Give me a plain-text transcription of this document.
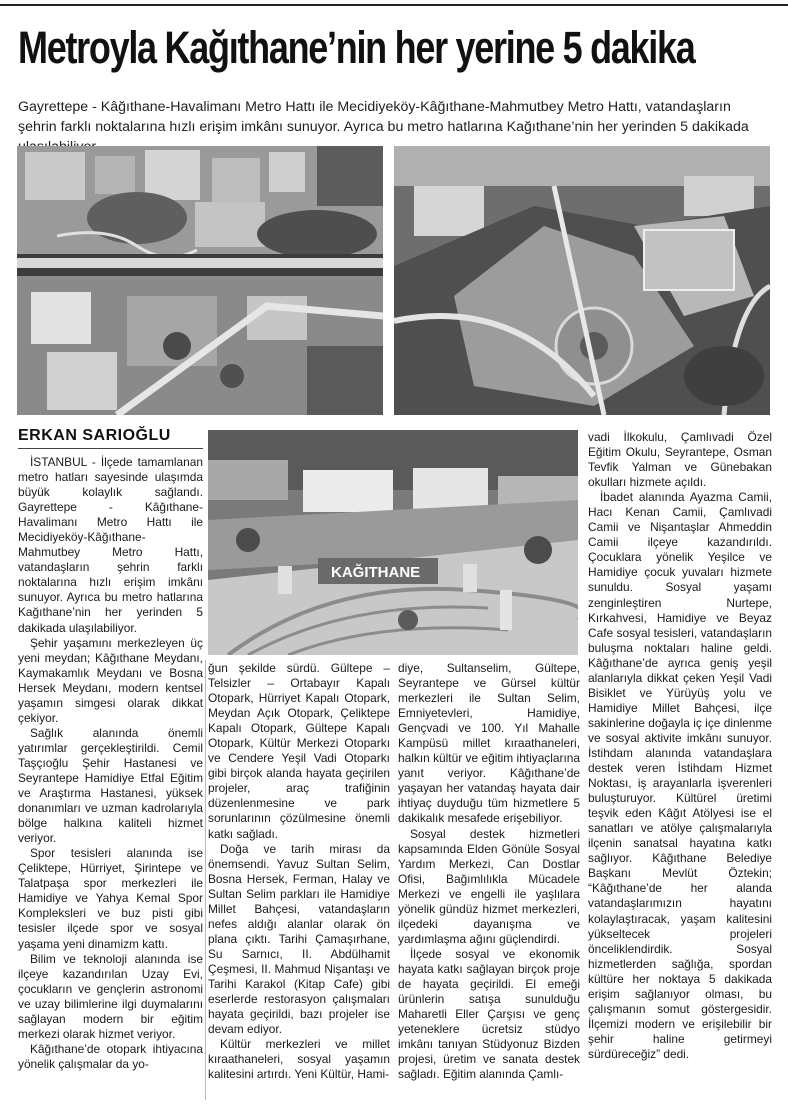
Metroyla Kağıthane’nin her yerine 5 dakika
Gayrettepe - Kâğıthane-Havalimanı Metro Hattı ile Mecidiyeköy-Kâğıthane-Mahmutbey Metro Hattı, vatandaşların şehrin farklı noktalarına hızlı erişim imkânı sunuyor. Ayrıca bu metro hatlarına Kağıthane’nin her yerinden 5 dakikada
ERKAN SARIOĞLU
KAĞITHANE

İSTANBUL - İlçede tamamlanan metro hatları sayesinde ulaşımda büyük kolaylık sağlandı. Gayrettepe - Kâğıthane-Havalimanı Metro Hattı ile Mecidiyeköy-Kâğıthane-Mahmutbey Metro Hattı, vatandaşların şehrin farklı noktalarına hızlı erişim imkânı sunuyor. Ayrıca bu metro hatlarına Kağıthane’nin her yerinden 5 dakikada ulaşılabiliyor.

Şehir yaşamını merkezleyen üç yeni meydan; Kâğıthane Meydanı, Kaymakamlık Meydanı ve Bosna Hersek Meydanı, modern kentsel yaşamın simgesi olarak dikkat çekiyor.

Sağlık alanında önemli yatırımlar gerçekleştirildi. Cemil Taşçıoğlu Şehir Hastanesi ve Seyrantepe Hamidiye Etfal Eğitim ve Araştırma Hastanesi, yüksek donanımları ve uzman kadrolarıyla bölge halkına kaliteli hizmet veriyor.

Spor tesisleri alanında ise Çeliktepe, Hürriyet, Şirintepe ve Talatpaşa spor merkezleri ile Hamidiye ve Yahya Kemal Spor Kompleksleri ve buz pisti gibi tesisler ilçede spor ve sosyal yaşama yeni dinamizm kattı.

Bilim ve teknoloji alanında ise ilçeye kazandırılan Uzay Evi, çocukların ve gençlerin astronomi ve uzay bilimlerine ilgi duymalarını sağlayan modern bir eğitim merkezi olarak hizmet veriyor.

Kâğıthane’de otopark ihtiyacına yönelik çalışmalar da yo-

ğun şekilde sürdü. Gültepe – Telsizler – Ortabayır Kapalı Otopark, Hürriyet Kapalı Otopark, Meydan Açık Otopark, Çeliktepe Kapalı Otopark, Gültepe Kapalı Otopark, Kültür Merkezi Otoparkı ve Cendere Yeşil Vadi Otoparkı gibi birçok alanda hayata geçirilen projeler, araç trafiğinin düzenlenmesine ve park sorunlarının çözülmesine önemli katkı sağladı.

Doğa ve tarih mirası da önemsendi. Yavuz Sultan Selim, Bosna Hersek, Ferman, Halay ve Sultan Selim parkları ile Hamidiye Millet Bahçesi, vatandaşların nefes aldığı alanlar olarak ön plana çıktı. Tarihi Çamaşırhane, Su Sarnıcı, II. Abdülhamit Çeşmesi, II. Mahmud Nişantaşı ve Tarihi Karakol (Kitap Cafe) gibi eserlerde restorasyon çalışmaları hayata geçirildi, bazı projeler ise devam ediyor.

Kültür merkezleri ve millet kıraathaneleri, sosyal yaşamın kalitesini artırdı. Yeni Kültür, Hami-

diye, Sultanselim, Gültepe, Seyrantepe ve Gürsel kültür merkezleri ile Sultan Selim, Emniyetevleri, Hamidiye, Gençvadi ve 100. Yıl Mahalle Kampüsü millet kıraathaneleri, halkın kültür ve eğitim ihtiyaçlarına yanıt veriyor. Kâğıthane’de yaşayan her vatandaş hayata dair ihtiyaç duyduğu tüm hizmetlere 5 dakikalık mesafede erişebiliyor.

Sosyal destek hizmetleri kapsamında Elden Gönüle Sosyal Yardım Merkezi, Can Dostlar Ofisi, Bağımlılıkla Mücadele Merkezi ve engelli ile yaşlılara yönelik gündüz hizmet merkezleri, ilçedeki dayanışma ve yardımlaşma ağını güçlendirdi.

İlçede sosyal ve ekonomik hayata katkı sağlayan birçok proje de hayata geçirildi. El emeği ürünlerin satışa sunulduğu Maharetli Eller Çarşısı ve genç yeteneklere ücretsiz stüdyo imkânı tanıyan Stüdyonuz Bizden projesi, üretim ve sanata destek sağladı. Eğitim alanında Çamlı-

vadi İlkokulu, Çamlıvadi Özel Eğitim Okulu, Seyrantepe, Osman Tevfik Yalman ve Günebakan okulları hizmete açıldı.

İbadet alanında Ayazma Camii, Hacı Kenan Camii, Çamlıvadi Camii ve Nişantaşlar Ahmeddin Camii ilçeye kazandırıldı. Çocuklara yönelik Yeşilce ve Hamidiye çocuk yuvaları hizmete sunuldu. Sosyal yaşamı zenginleştiren Nurtepe, Kırkahvesi, Hamidiye ve Beyaz Cafe sosyal tesisleri, vatandaşların buluşma noktaları haline geldi. Kâğıthane’de ayrıca geniş yeşil alanlarıyla dikkat çeken Yeşil Vadi Bisiklet ve Yürüyüş yolu ve Hamidiye Millet Bahçesi, ilçe sakinlerine doğayla iç içe dinlenme ve sosyal aktivite imkânı sunuyor. İstihdam alanında vatandaşlara destek veren İstihdam Hizmet Noktası, iş arayanlarla işverenleri buluşturuyor. Kültürel üretimi teşvik eden Kâğıt Atölyesi ise el sanatları ve atölye çalışmalarıyla ilçenin sanatsal hayatına katkı sağlıyor. Kâğıthane Belediye Başkanı Mevlüt Öztekin; “Kâğıthane’de her alanda vatandaşlarımızın hayatını kolaylaştıracak, yaşam kalitesini yükseltecek projeleri önceliklendirdik. Sosyal hizmetlerden sağlığa, spordan kültüre her noktaya 5 dakikada erişim sağlanıyor olması, bu çalışmanın somut göstergesidir. İlçemizi modern ve erişilebilir bir şehir haline getirmeyi sürdüreceğiz” dedi.
